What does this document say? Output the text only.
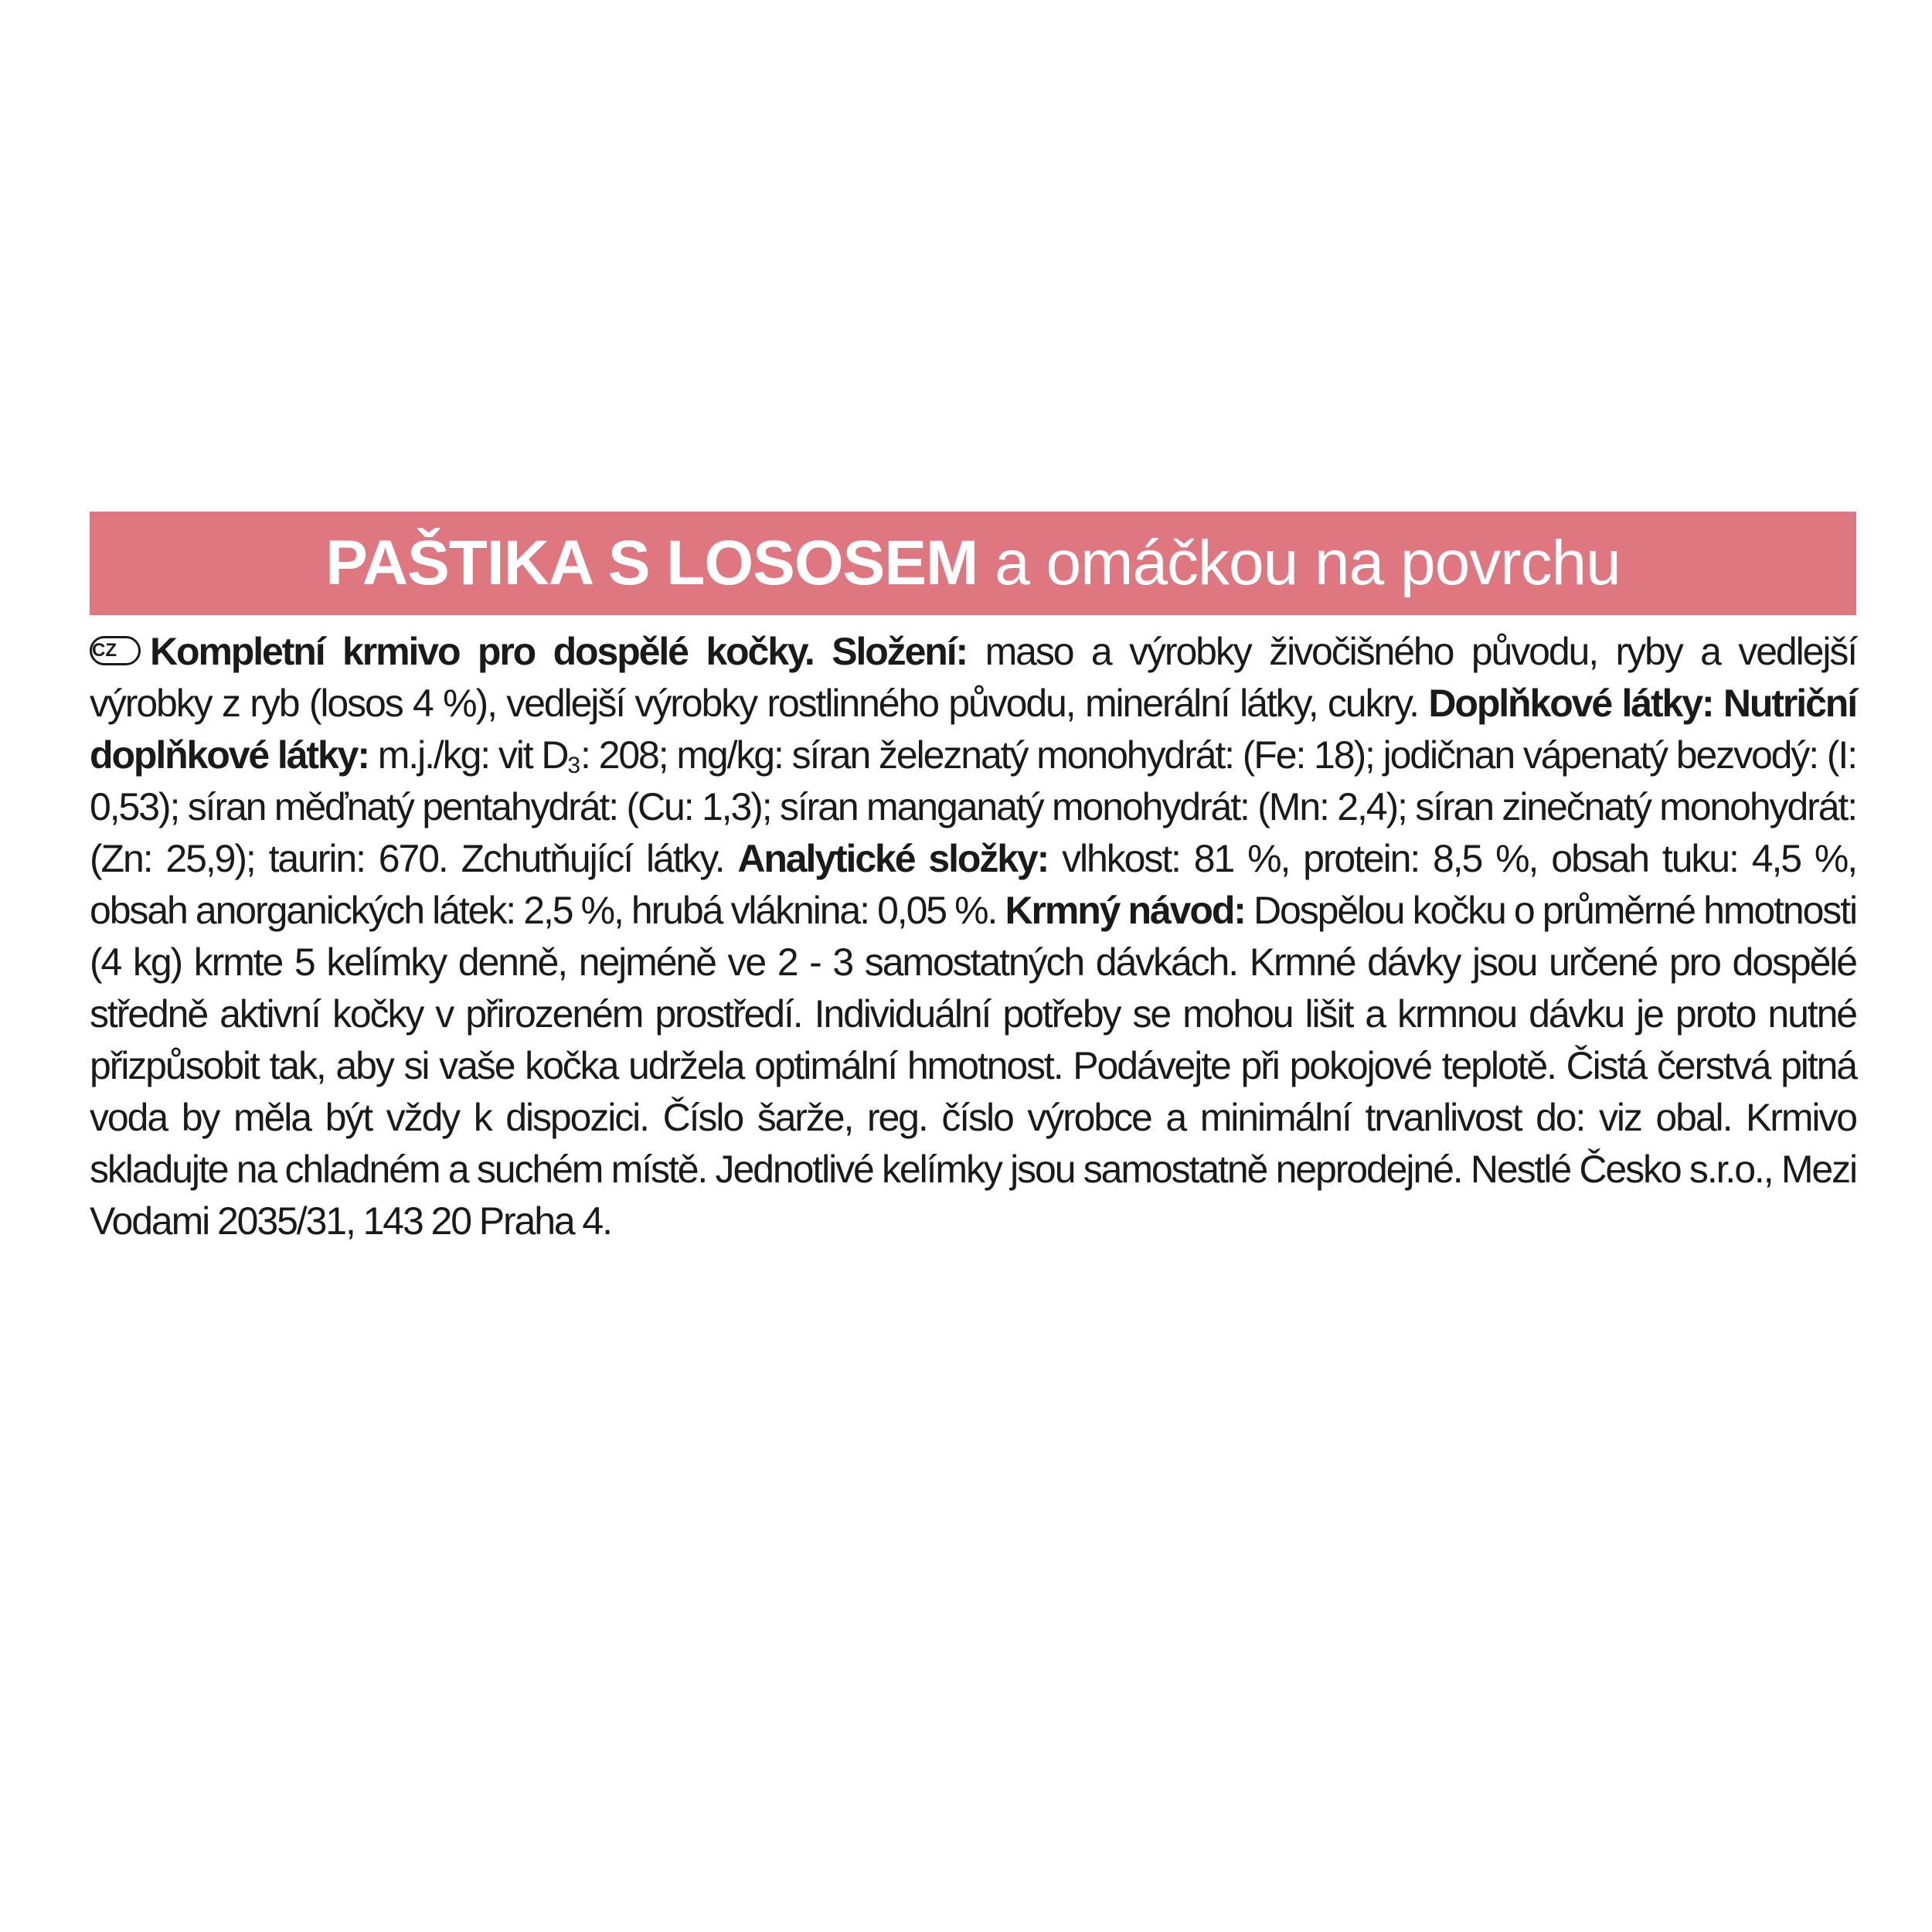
PAŠTIKA S LOSOSEM
a omáčkou na povrchu
CZ Kompletní krmivo pro dospělé kočky. Složení: maso a výrobky živočišného původu, ryby a vedlejší výrobky z ryb (losos 4 %), vedlejší výrobky rostlinného původu, minerální látky, cukry. Doplňkové látky: Nutriční doplňkové látky: m.j./kg: vit $D_3$: 208; mg/kg: síran železnatý monohydrát: (Fe: 18); jodičnan vápenatý bezvodý: (I: 0,53); síran měďnatý pentahydrát: (Cu: 1,3); síran manganatý monohydrát: (Mn: 2,4); síran zinečnatý monohydrát: (Zn: 25,9); taurin: 670. Zchutňující látky. Analytické složky: vlhkost: 81 %, protein: 8,5 %, obsah tuku: 4,5 %, obsah anorganických látek: 2,5 %, hrubá vláknina: 0,05 %. Krmný návod: Dospělou kočku o průměrné hmotnosti (4 kg) krmte 5 kelímky denně, nejméně ve 2 - 3 samostatných dávkách. Krmné dávky jsou určené pro dospělé středně aktivní kočky v přirozeném prostředí. Individuální potřeby se mohou lišit a krmnou dávku je proto nutné přizpůsobit tak, aby si vaše kočka udržela optimální hmotnost. Podávejte při pokojové teplotě. Čistá čerstvá pitná voda by měla být vždy k dispozici. Číslo šarže, reg. číslo výrobce a minimální trvanlivost do: viz obal. Krmivo skladujte na chladném a suchém místě. Jednotlivé kelímky jsou samostatně neprodejné. Nestlé Česko s.r.o., Mezi Vodami 2035/31, 143 20 Praha 4.
